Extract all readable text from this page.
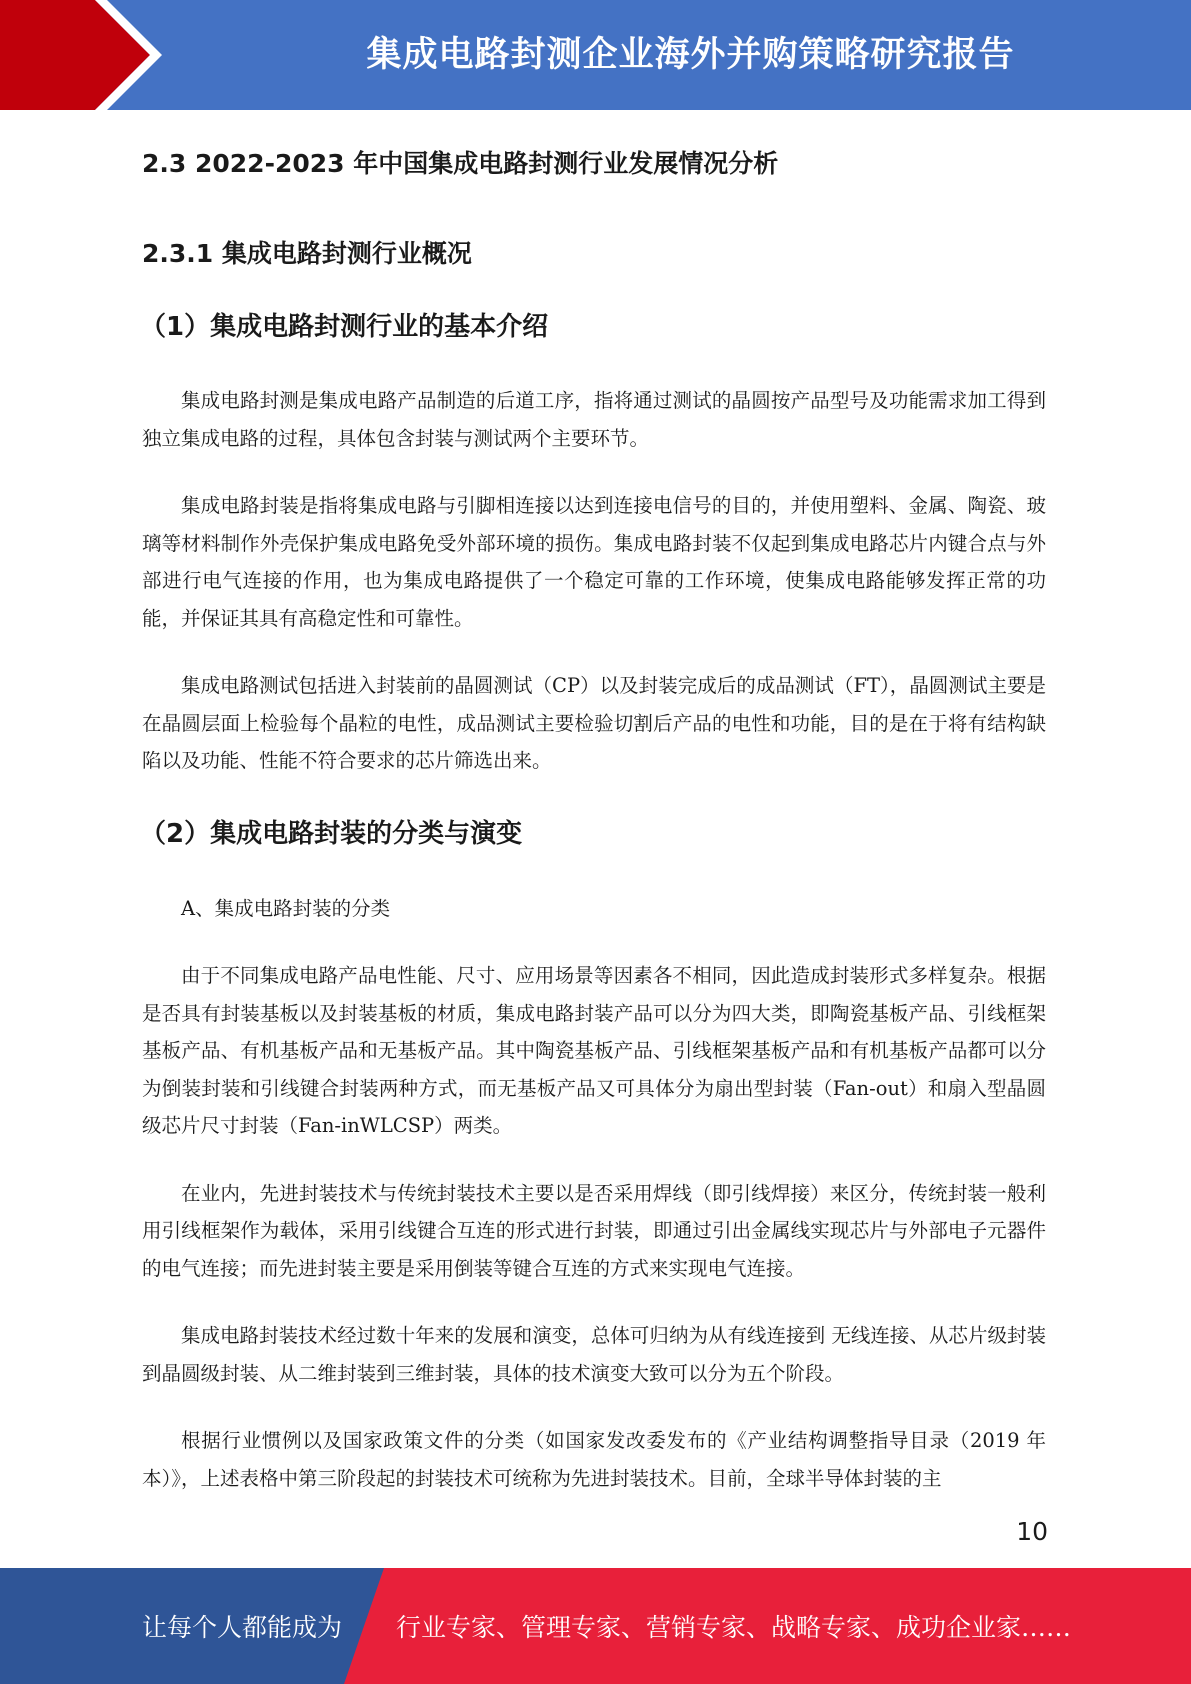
集成电路封测企业海外并购策略研究报告
2.3 2022-2023 年中国集成电路封测行业发展情况分析
2.3.1 集成电路封测行业概况
（1）集成电路封测行业的基本介绍

集成电路封测是集成电路产品制造的后道工序，指将通过测试的晶圆按产品型号及功能需求加工得到独立集成电路的过程，具体包含封装与测试两个主要环节。

集成电路封装是指将集成电路与引脚相连接以达到连接电信号的目的，并使用塑料、金属、陶瓷、玻璃等材料制作外壳保护集成电路免受外部环境的损伤。集成电路封装不仅起到集成电路芯片内键合点与外部进行电气连接的作用，也为集成电路提供了一个稳定可靠的工作环境，使集成电路能够发挥正常的功能，并保证其具有高稳定性和可靠性。

集成电路测试包括进入封装前的晶圆测试（CP）以及封装完成后的成品测试（FT），晶圆测试主要是在晶圆层面上检验每个晶粒的电性，成品测试主要检验切割后产品的电性和功能，目的是在于将有结构缺陷以及功能、性能不符合要求的芯片筛选出来。

（2）集成电路封装的分类与演变

A、集成电路封装的分类

由于不同集成电路产品电性能、尺寸、应用场景等因素各不相同，因此造成封装形式多样复杂。根据是否具有封装基板以及封装基板的材质，集成电路封装产品可以分为四大类，即陶瓷基板产品、引线框架基板产品、有机基板产品和无基板产品。其中陶瓷基板产品、引线框架基板产品和有机基板产品都可以分为倒装封装和引线键合封装两种方式，而无基板产品又可具体分为扇出型封装（Fan-out）和扇入型晶圆级芯片尺寸封装（Fan-inWLCSP）两类。

在业内，先进封装技术与传统封装技术主要以是否采用焊线（即引线焊接）来区分，传统封装一般利用引线框架作为载体，采用引线键合互连的形式进行封装，即通过引出金属线实现芯片与外部电子元器件的电气连接；而先进封装主要是采用倒装等键合互连的方式来实现电气连接。

集成电路封装技术经过数十年来的发展和演变，总体可归纳为从有线连接到 无线连接、从芯片级封装到晶圆级封装、从二维封装到三维封装，具体的技术演变大致可以分为五个阶段。

根据行业惯例以及国家政策文件的分类（如国家发改委发布的《产业结构调整指导目录（2019 年本）》，上述表格中第三阶段起的封装技术可统称为先进封装技术。目前，全球半导体封装的主

10
让每个人都能成为 行业专家、管理专家、营销专家、战略专家、成功企业家……
